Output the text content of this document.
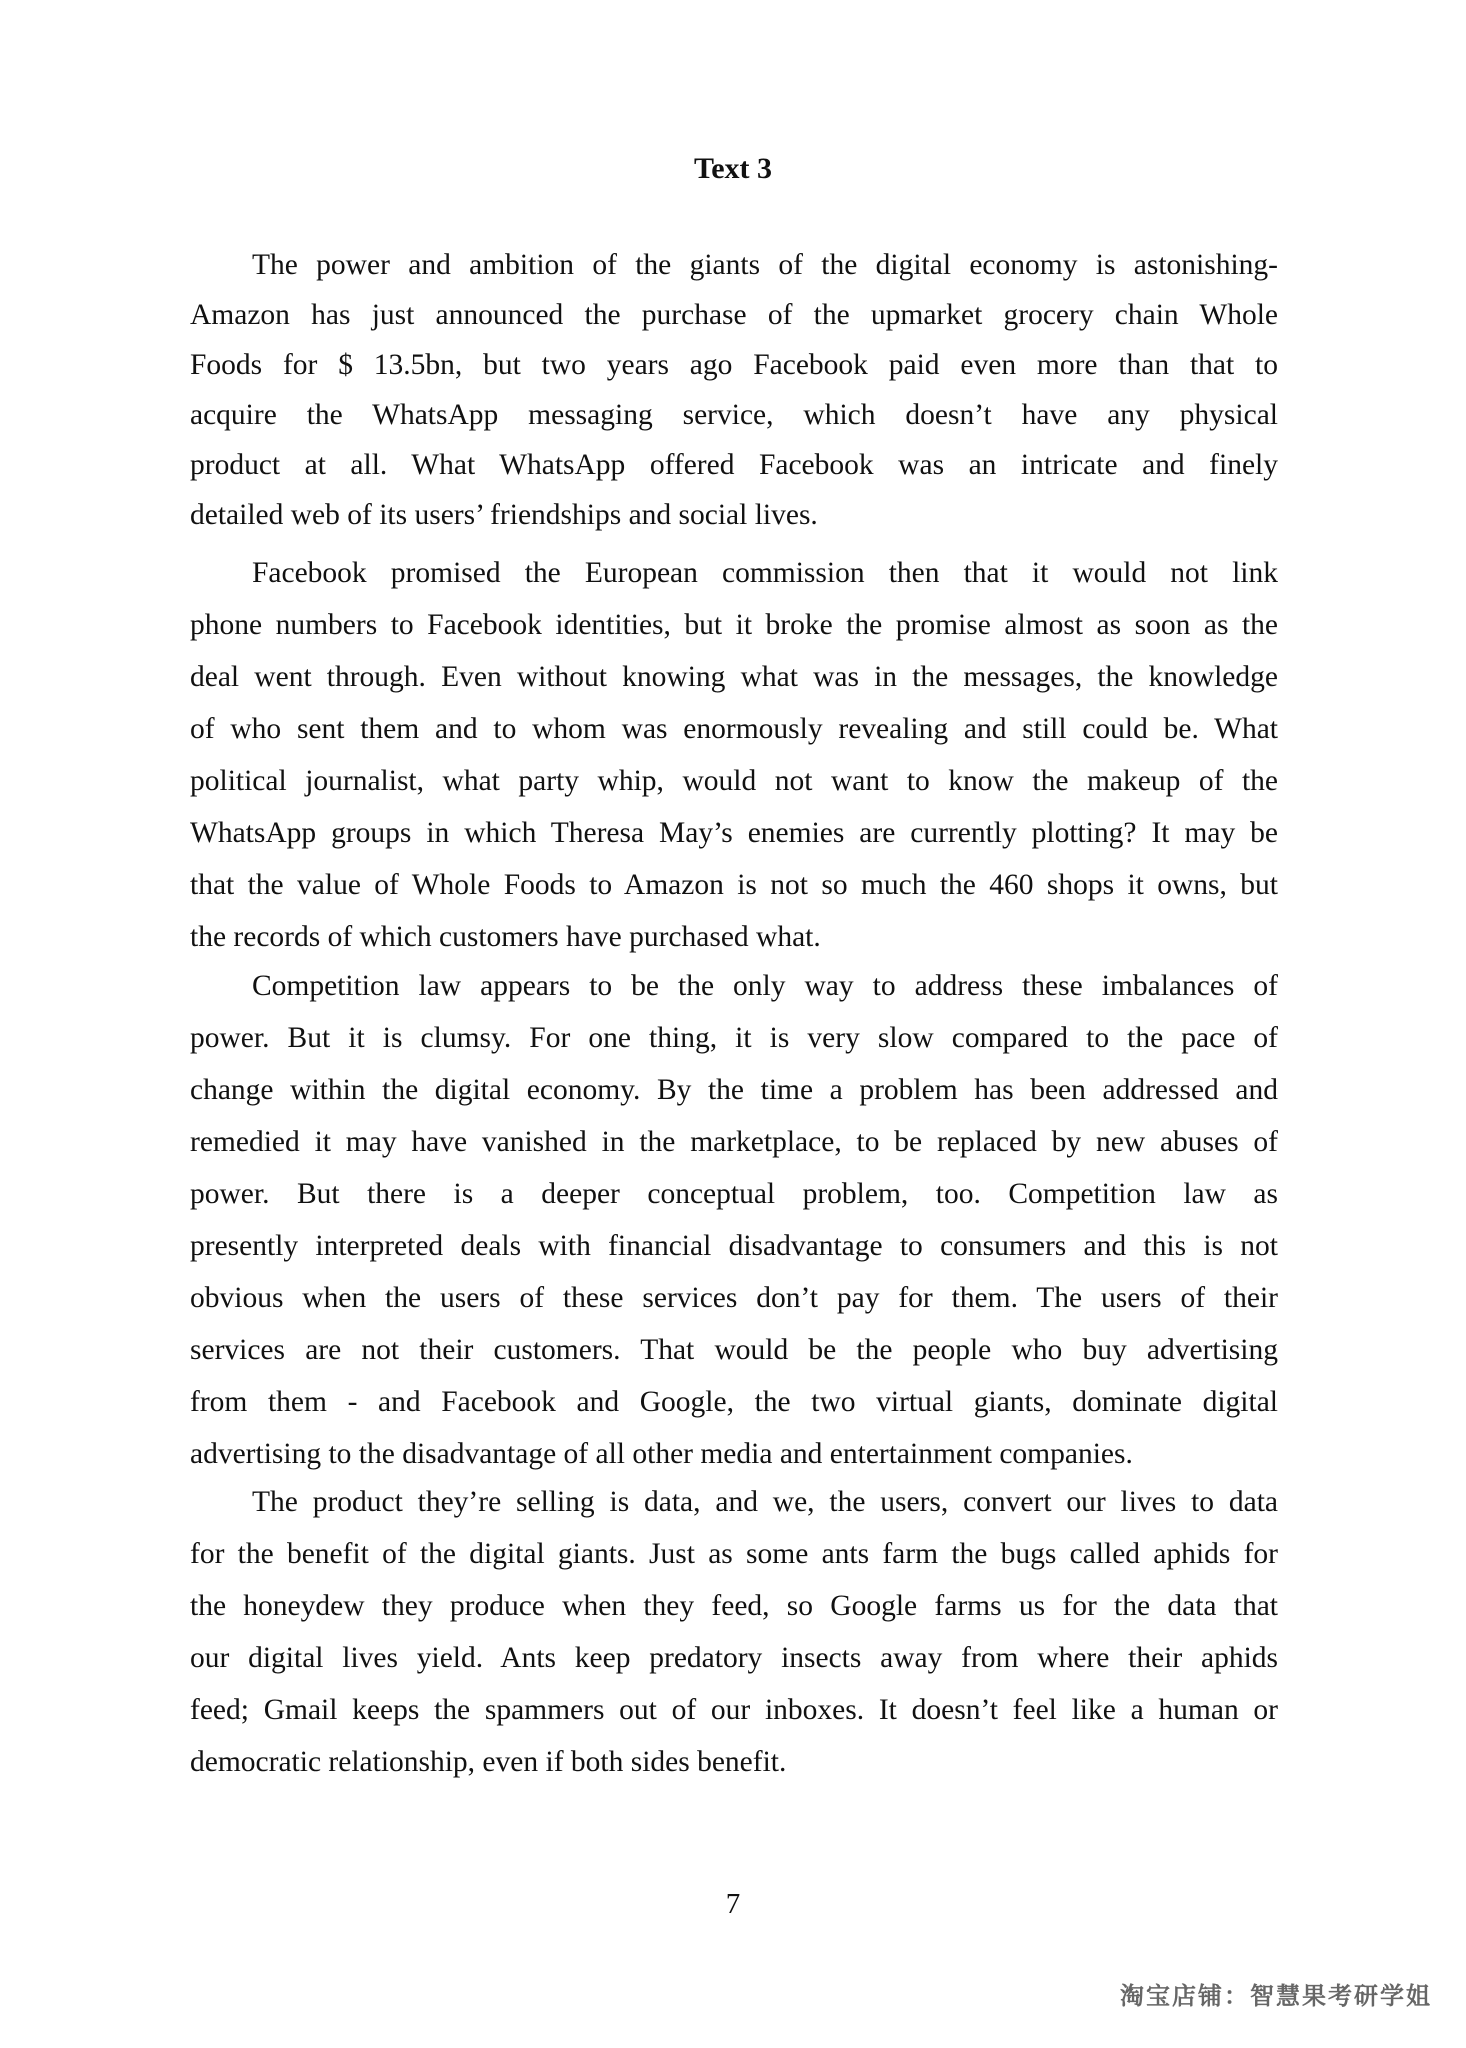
Text 3
The power and ambition of the giants of the digital economy is astonishing-
Amazon has just announced the purchase of the upmarket grocery chain Whole
Foods for $ 13.5bn, but two years ago Facebook paid even more than that to
acquire the WhatsApp messaging service, which doesn’t have any physical
product at all. What WhatsApp offered Facebook was an intricate and finely
detailed web of its users’ friendships and social lives.
Facebook promised the European commission then that it would not link
phone numbers to Facebook identities, but it broke the promise almost as soon as the
deal went through. Even without knowing what was in the messages, the knowledge
of who sent them and to whom was enormously revealing and still could be. What
political journalist, what party whip, would not want to know the makeup of the
WhatsApp groups in which Theresa May’s enemies are currently plotting? It may be
that the value of Whole Foods to Amazon is not so much the 460 shops it owns, but
the records of which customers have purchased what.
Competition law appears to be the only way to address these imbalances of
power. But it is clumsy. For one thing, it is very slow compared to the pace of
change within the digital economy. By the time a problem has been addressed and
remedied it may have vanished in the marketplace, to be replaced by new abuses of
power. But there is a deeper conceptual problem, too. Competition law as
presently interpreted deals with financial disadvantage to consumers and this is not
obvious when the users of these services don’t pay for them. The users of their
services are not their customers. That would be the people who buy advertising
from them - and Facebook and Google, the two virtual giants, dominate digital
advertising to the disadvantage of all other media and entertainment companies.
The product they’re selling is data, and we, the users, convert our lives to data
for the benefit of the digital giants. Just as some ants farm the bugs called aphids for
the honeydew they produce when they feed, so Google farms us for the data that
our digital lives yield. Ants keep predatory insects away from where their aphids
feed; Gmail keeps the spammers out of our inboxes. It doesn’t feel like a human or
democratic relationship, even if both sides benefit.
7
淘宝店铺：智慧果考研学姐
